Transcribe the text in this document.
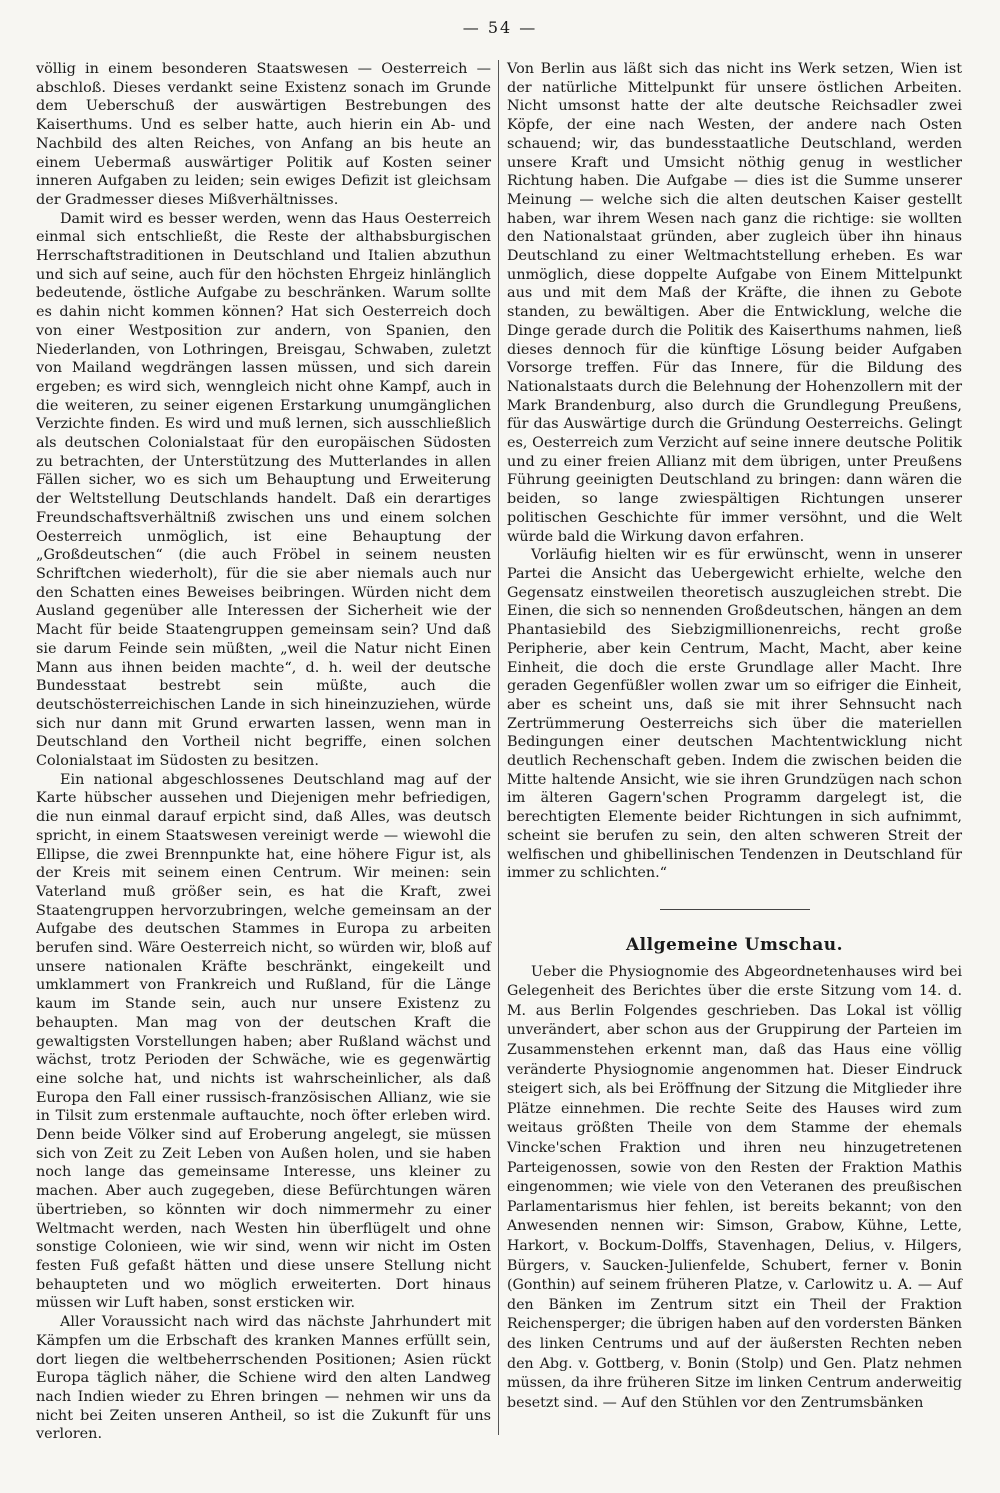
— 54 —

völlig in einem besonderen Staatswesen — Oesterreich — abschloß. Dieses verdankt seine Existenz sonach im Grunde dem Ueberschuß der auswärtigen Bestrebungen des Kaiserthums. Und es selber hatte, auch hierin ein Ab- und Nachbild des alten Reiches, von Anfang an bis heute an einem Uebermaß auswärtiger Politik auf Kosten seiner inneren Aufgaben zu leiden; sein ewiges Defizit ist gleichsam der Gradmesser dieses Mißverhältnisses.

Damit wird es besser werden, wenn das Haus Oesterreich einmal sich entschließt, die Reste der althabsburgischen Herrschaftstraditionen in Deutschland und Italien abzuthun und sich auf seine, auch für den höchsten Ehrgeiz hinlänglich bedeutende, östliche Aufgabe zu beschränken. Warum sollte es dahin nicht kommen können? Hat sich Oesterreich doch von einer Westposition zur andern, von Spanien, den Niederlanden, von Lothringen, Breisgau, Schwaben, zuletzt von Mailand wegdrängen lassen müssen, und sich darein ergeben; es wird sich, wenngleich nicht ohne Kampf, auch in die weiteren, zu seiner eigenen Erstarkung unumgänglichen Verzichte finden. Es wird und muß lernen, sich ausschließlich als deutschen Colonialstaat für den europäischen Südosten zu betrachten, der Unterstützung des Mutterlandes in allen Fällen sicher, wo es sich um Behauptung und Erweiterung der Weltstellung Deutschlands handelt. Daß ein derartiges Freundschaftsverhältniß zwischen uns und einem solchen Oesterreich unmöglich, ist eine Behauptung der „Großdeutschen“ (die auch Fröbel in seinem neusten Schriftchen wiederholt), für die sie aber niemals auch nur den Schatten eines Beweises beibringen. Würden nicht dem Ausland gegenüber alle Interessen der Sicherheit wie der Macht für beide Staatengruppen gemeinsam sein? Und daß sie darum Feinde sein müßten, „weil die Natur nicht Einen Mann aus ihnen beiden machte“, d. h. weil der deutsche Bundesstaat bestrebt sein müßte, auch die deutschösterreichischen Lande in sich hineinzuziehen, würde sich nur dann mit Grund erwarten lassen, wenn man in Deutschland den Vortheil nicht begriffe, einen solchen Colonialstaat im Südosten zu besitzen.

Ein national abgeschlossenes Deutschland mag auf der Karte hübscher aussehen und Diejenigen mehr befriedigen, die nun einmal darauf erpicht sind, daß Alles, was deutsch spricht, in einem Staatswesen vereinigt werde — wiewohl die Ellipse, die zwei Brennpunkte hat, eine höhere Figur ist, als der Kreis mit seinem einen Centrum. Wir meinen: sein Vaterland muß größer sein, es hat die Kraft, zwei Staatengruppen hervorzubringen, welche gemeinsam an der Aufgabe des deutschen Stammes in Europa zu arbeiten berufen sind. Wäre Oesterreich nicht, so würden wir, bloß auf unsere nationalen Kräfte beschränkt, eingekeilt und umklammert von Frankreich und Rußland, für die Länge kaum im Stande sein, auch nur unsere Existenz zu behaupten. Man mag von der deutschen Kraft die gewaltigsten Vorstellungen haben; aber Rußland wächst und wächst, trotz Perioden der Schwäche, wie es gegenwärtig eine solche hat, und nichts ist wahrscheinlicher, als daß Europa den Fall einer russisch-französischen Allianz, wie sie in Tilsit zum erstenmale auftauchte, noch öfter erleben wird. Denn beide Völker sind auf Eroberung angelegt, sie müssen sich von Zeit zu Zeit Leben von Außen holen, und sie haben noch lange das gemeinsame Interesse, uns kleiner zu machen. Aber auch zugegeben, diese Befürchtungen wären übertrieben, so könnten wir doch nimmermehr zu einer Weltmacht werden, nach Westen hin überflügelt und ohne sonstige Colonieen, wie wir sind, wenn wir nicht im Osten festen Fuß gefaßt hätten und diese unsere Stellung nicht behaupteten und wo möglich erweiterten. Dort hinaus müssen wir Luft haben, sonst ersticken wir.

Aller Voraussicht nach wird das nächste Jahrhundert mit Kämpfen um die Erbschaft des kranken Mannes erfüllt sein, dort liegen die weltbeherrschenden Positionen; Asien rückt Europa täglich näher, die Schiene wird den alten Landweg nach Indien wieder zu Ehren bringen — nehmen wir uns da nicht bei Zeiten unseren Antheil, so ist die Zukunft für uns verloren.

Von Berlin aus läßt sich das nicht ins Werk setzen, Wien ist der natürliche Mittelpunkt für unsere östlichen Arbeiten. Nicht umsonst hatte der alte deutsche Reichsadler zwei Köpfe, der eine nach Westen, der andere nach Osten schauend; wir, das bundesstaatliche Deutschland, werden unsere Kraft und Umsicht nöthig genug in westlicher Richtung haben. Die Aufgabe — dies ist die Summe unserer Meinung — welche sich die alten deutschen Kaiser gestellt haben, war ihrem Wesen nach ganz die richtige: sie wollten den Nationalstaat gründen, aber zugleich über ihn hinaus Deutschland zu einer Weltmachtstellung erheben. Es war unmöglich, diese doppelte Aufgabe von Einem Mittelpunkt aus und mit dem Maß der Kräfte, die ihnen zu Gebote standen, zu bewältigen. Aber die Entwicklung, welche die Dinge gerade durch die Politik des Kaiserthums nahmen, ließ dieses dennoch für die künftige Lösung beider Aufgaben Vorsorge treffen. Für das Innere, für die Bildung des Nationalstaats durch die Belehnung der Hohenzollern mit der Mark Brandenburg, also durch die Grundlegung Preußens, für das Auswärtige durch die Gründung Oesterreichs. Gelingt es, Oesterreich zum Verzicht auf seine innere deutsche Politik und zu einer freien Allianz mit dem übrigen, unter Preußens Führung geeinigten Deutschland zu bringen: dann wären die beiden, so lange zwiespältigen Richtungen unserer politischen Geschichte für immer versöhnt, und die Welt würde bald die Wirkung davon erfahren.

Vorläufig hielten wir es für erwünscht, wenn in unserer Partei die Ansicht das Uebergewicht erhielte, welche den Gegensatz einstweilen theoretisch auszugleichen strebt. Die Einen, die sich so nennenden Großdeutschen, hängen an dem Phantasiebild des Siebzigmillionenreichs, recht große Peripherie, aber kein Centrum, Macht, Macht, aber keine Einheit, die doch die erste Grundlage aller Macht. Ihre geraden Gegenfüßler wollen zwar um so eifriger die Einheit, aber es scheint uns, daß sie mit ihrer Sehnsucht nach Zertrümmerung Oesterreichs sich über die materiellen Bedingungen einer deutschen Machtentwicklung nicht deutlich Rechenschaft geben. Indem die zwischen beiden die Mitte haltende Ansicht, wie sie ihren Grundzügen nach schon im älteren Gagern'schen Programm dargelegt ist, die berechtigten Elemente beider Richtungen in sich aufnimmt, scheint sie berufen zu sein, den alten schweren Streit der welfischen und ghibellinischen Tendenzen in Deutschland für immer zu schlichten.“

Allgemeine Umschau.

Ueber die Physiognomie des Abgeordnetenhauses wird bei Gelegenheit des Berichtes über die erste Sitzung vom 14. d. M. aus Berlin Folgendes geschrieben. Das Lokal ist völlig unverändert, aber schon aus der Gruppirung der Parteien im Zusammenstehen erkennt man, daß das Haus eine völlig veränderte Physiognomie angenommen hat. Dieser Eindruck steigert sich, als bei Eröffnung der Sitzung die Mitglieder ihre Plätze einnehmen. Die rechte Seite des Hauses wird zum weitaus größten Theile von dem Stamme der ehemals Vincke'schen Fraktion und ihren neu hinzugetretenen Parteigenossen, sowie von den Resten der Fraktion Mathis eingenommen; wie viele von den Veteranen des preußischen Parlamentarismus hier fehlen, ist bereits bekannt; von den Anwesenden nennen wir: Simson, Grabow, Kühne, Lette, Harkort, v. Bockum-Dolffs, Stavenhagen, Delius, v. Hilgers, Bürgers, v. Saucken-Julienfelde, Schubert, ferner v. Bonin (Gonthin) auf seinem früheren Platze, v. Carlowitz u. A. — Auf den Bänken im Zentrum sitzt ein Theil der Fraktion Reichensperger; die übrigen haben auf den vordersten Bänken des linken Centrums und auf der äußersten Rechten neben den Abg. v. Gottberg, v. Bonin (Stolp) und Gen. Platz nehmen müssen, da ihre früheren Sitze im linken Centrum anderweitig besetzt sind. — Auf den Stühlen vor den Zentrumsbänken
